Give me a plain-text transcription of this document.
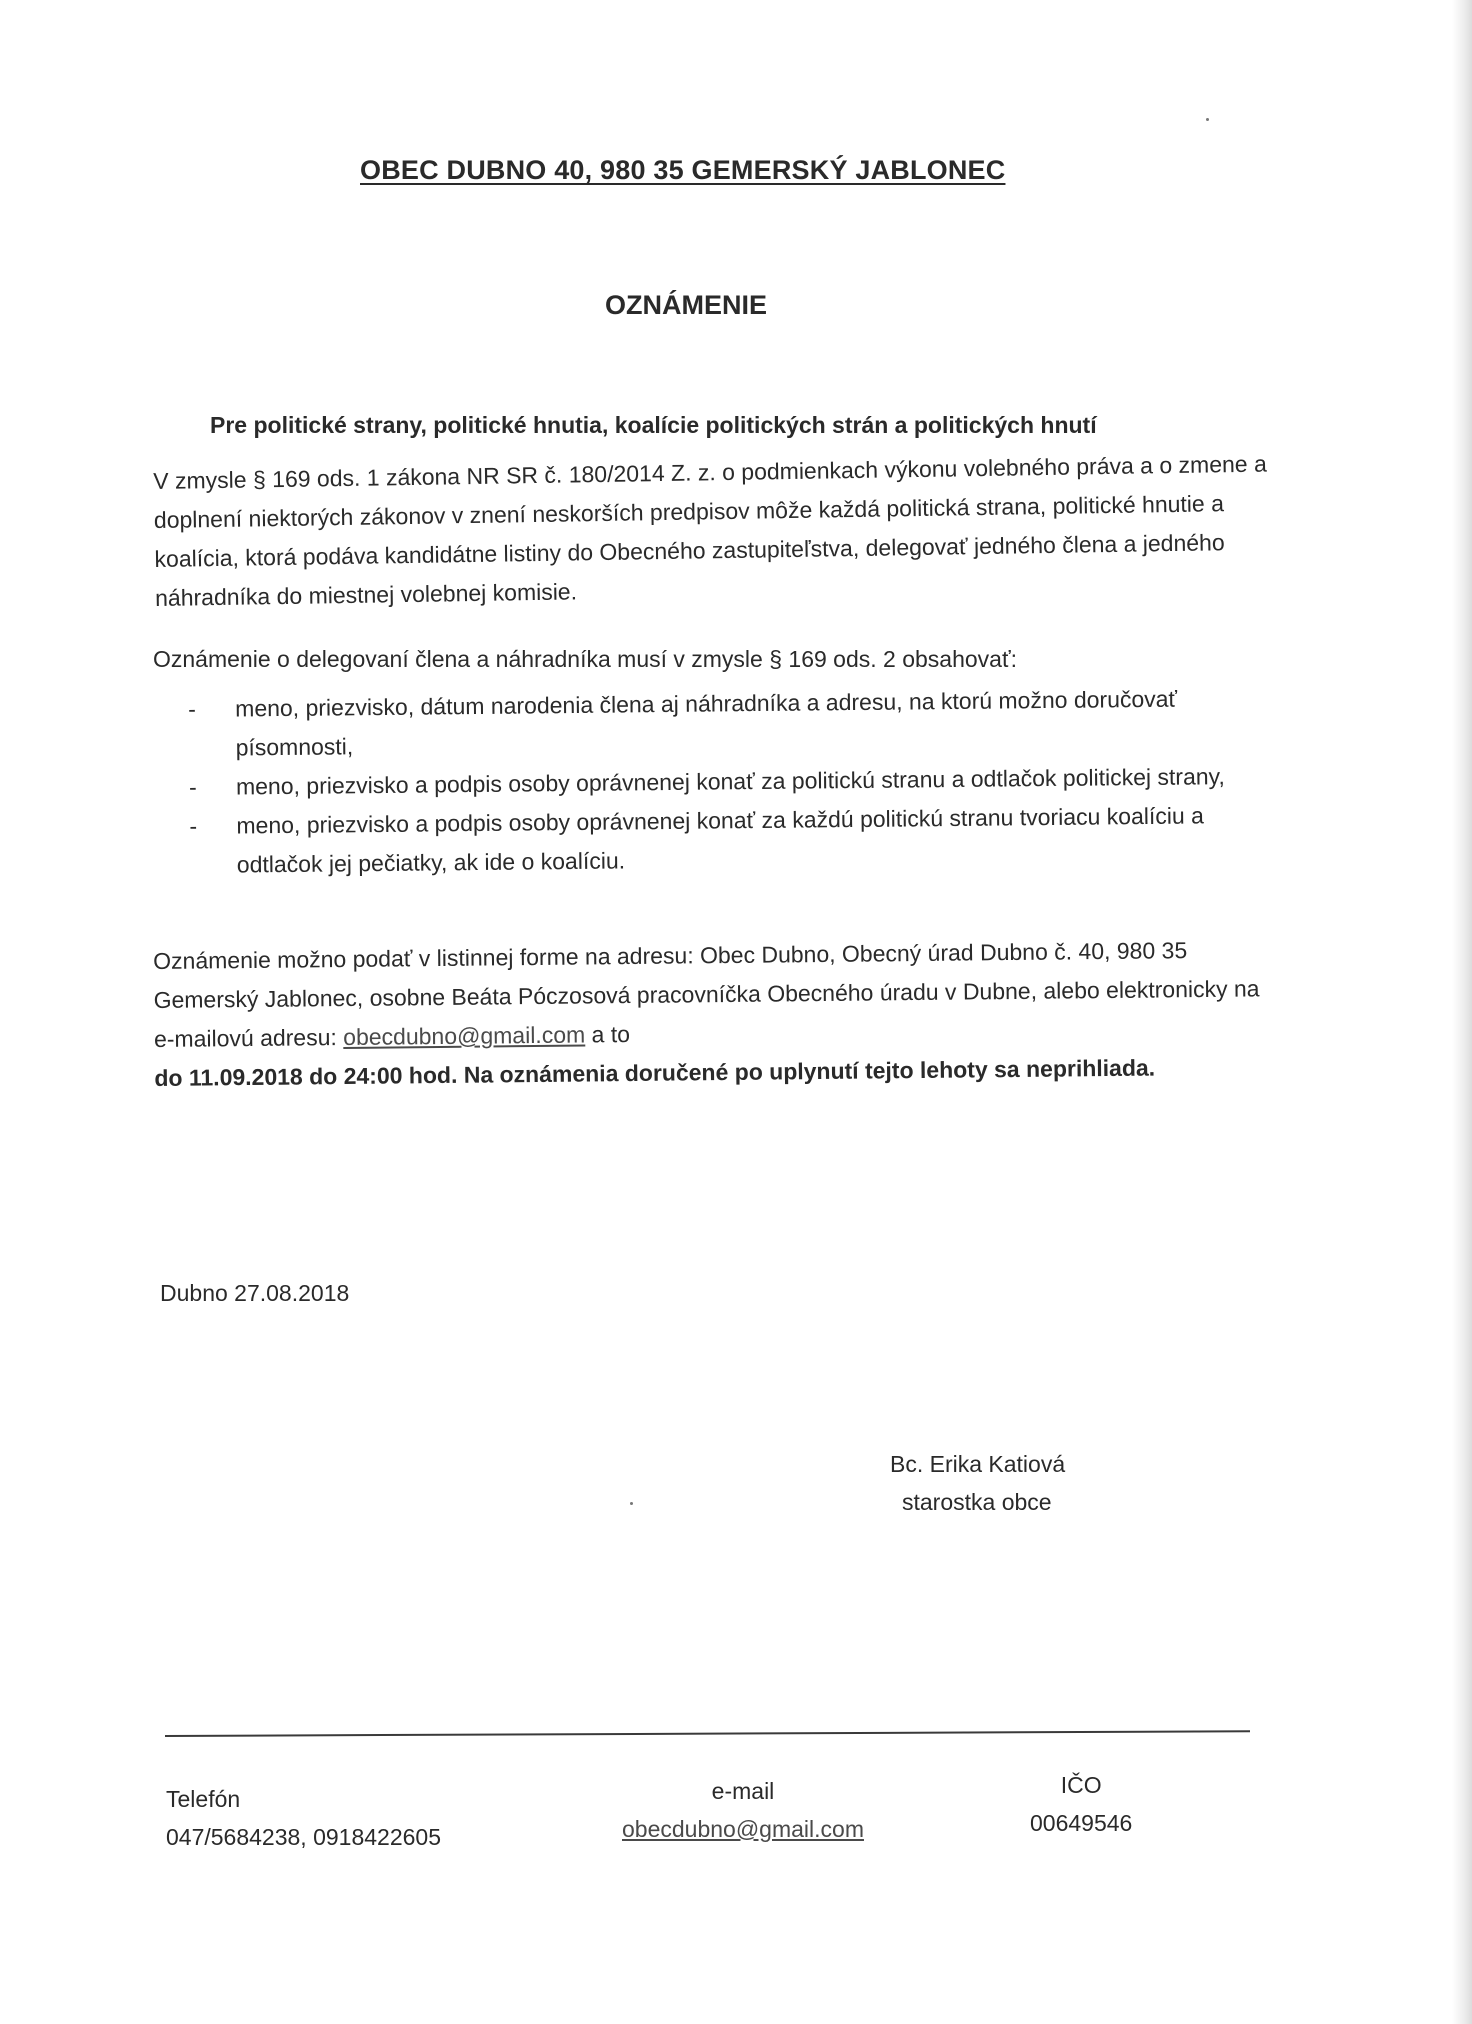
OBEC DUBNO 40, 980 35 GEMERSKÝ JABLONEC
OZNÁMENIE
Pre politické strany, politické hnutia, koalície politických strán a politických hnutí
V zmysle § 169 ods. 1 zákona NR SR č. 180/2014 Z. z. o podmienkach výkonu volebného práva a o zmene a doplnení niektorých zákonov v znení neskorších predpisov môže každá politická strana, politické hnutie a koalícia, ktorá podáva kandidátne listiny do Obecného zastupiteľstva, delegovať jedného člena a jedného náhradníka do miestnej volebnej komisie.
Oznámenie o delegovaní člena a náhradníka musí v zmysle § 169 ods. 2 obsahovať:
- meno, priezvisko, dátum narodenia člena aj náhradníka a adresu, na ktorú možno doručovať písomnosti,
- meno, priezvisko a podpis osoby oprávnenej konať za politickú stranu a odtlačok politickej strany,
- meno, priezvisko a podpis osoby oprávnenej konať za každú politickú stranu tvoriacu koalíciu a odtlačok jej pečiatky, ak ide o koalíciu.
Oznámenie možno podať v listinnej forme na adresu: Obec Dubno, Obecný úrad Dubno č. 40, 980 35 Gemerský Jablonec, osobne Beáta Póczosová pracovníčka Obecného úradu v Dubne, alebo elektronicky na e-mailovú adresu: obecdubno@gmail.com a to
do 11.09.2018 do 24:00 hod. Na oznámenia doručené po uplynutí tejto lehoty sa neprihliada.
Dubno 27.08.2018
Bc. Erika Katiová
starostka obce
Telefón
047/5684238, 0918422605
e-mail
obecdubno@gmail.com
IČO
00649546
